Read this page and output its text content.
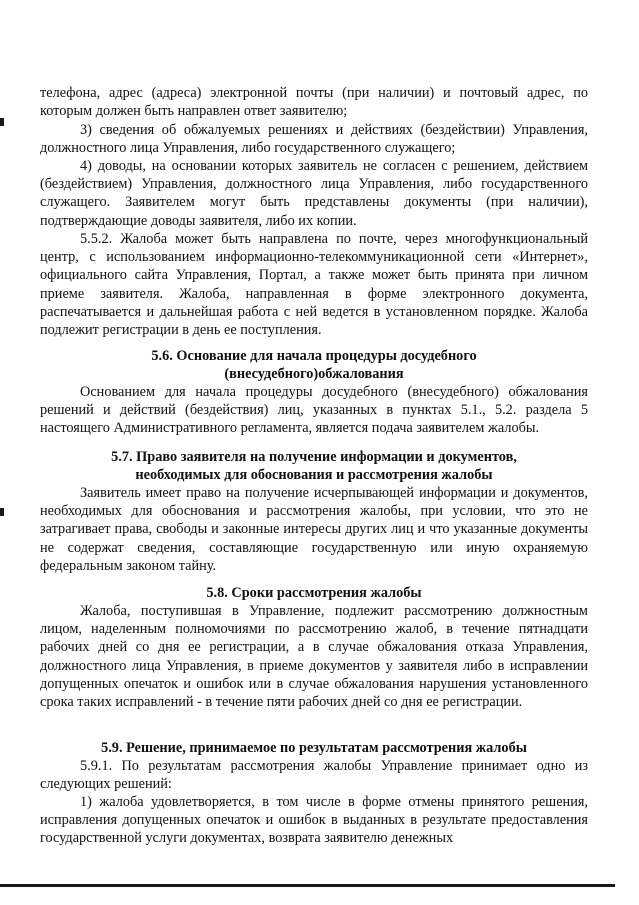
телефона, адрес (адреса) электронной почты (при наличии) и почтовый адрес, по которым должен быть направлен ответ заявителю;

3) сведения об обжалуемых решениях и действиях (бездействии) Управления, должностного лица Управления, либо государственного служащего;

4) доводы, на основании которых заявитель не согласен с решением, действием (бездействием) Управления, должностного лица Управления, либо государственного служащего. Заявителем могут быть представлены документы (при наличии), подтверждающие доводы заявителя, либо их копии.

5.5.2. Жалоба может быть направлена по почте, через многофункциональный центр, с использованием информационно-телекоммуникационной сети «Интернет», официального сайта Управления, Портал, а также может быть принята при личном приеме заявителя. Жалоба, направленная в форме электронного документа, распечатывается и дальнейшая работа с ней ведется в установленном порядке. Жалоба подлежит регистрации в день ее поступления.

5.6. Основание для начала процедуры досудебного

(внесудебного)обжалования

Основанием для начала процедуры досудебного (внесудебного) обжалования решений и действий (бездействия) лиц, указанных в пунктах 5.1., 5.2. раздела 5 настоящего Административного регламента, является подача заявителем жалобы.

5.7. Право заявителя на получение информации и документов,

необходимых для обоснования и рассмотрения жалобы

Заявитель имеет право на получение исчерпывающей информации и документов, необходимых для обоснования и рассмотрения жалобы, при условии, что это не затрагивает права, свободы и законные интересы других лиц и что указанные документы не содержат сведения, составляющие государственную или иную охраняемую федеральным законом тайну.

5.8. Сроки рассмотрения жалобы

Жалоба, поступившая в Управление, подлежит рассмотрению должностным лицом, наделенным полномочиями по рассмотрению жалоб, в течение пятнадцати рабочих дней со дня ее регистрации, а в случае обжалования отказа Управления, должностного лица Управления, в приеме документов у заявителя либо в исправлении допущенных опечаток и ошибок или в случае обжалования нарушения установленного срока таких исправлений - в течение пяти рабочих дней со дня ее регистрации.

5.9. Решение, принимаемое по результатам рассмотрения жалобы

5.9.1. По результатам рассмотрения жалобы Управление принимает одно из следующих решений:

1) жалоба удовлетворяется, в том числе в форме отмены принятого решения, исправления допущенных опечаток и ошибок в выданных в результате предоставления государственной услуги документах, возврата заявителю денежных
